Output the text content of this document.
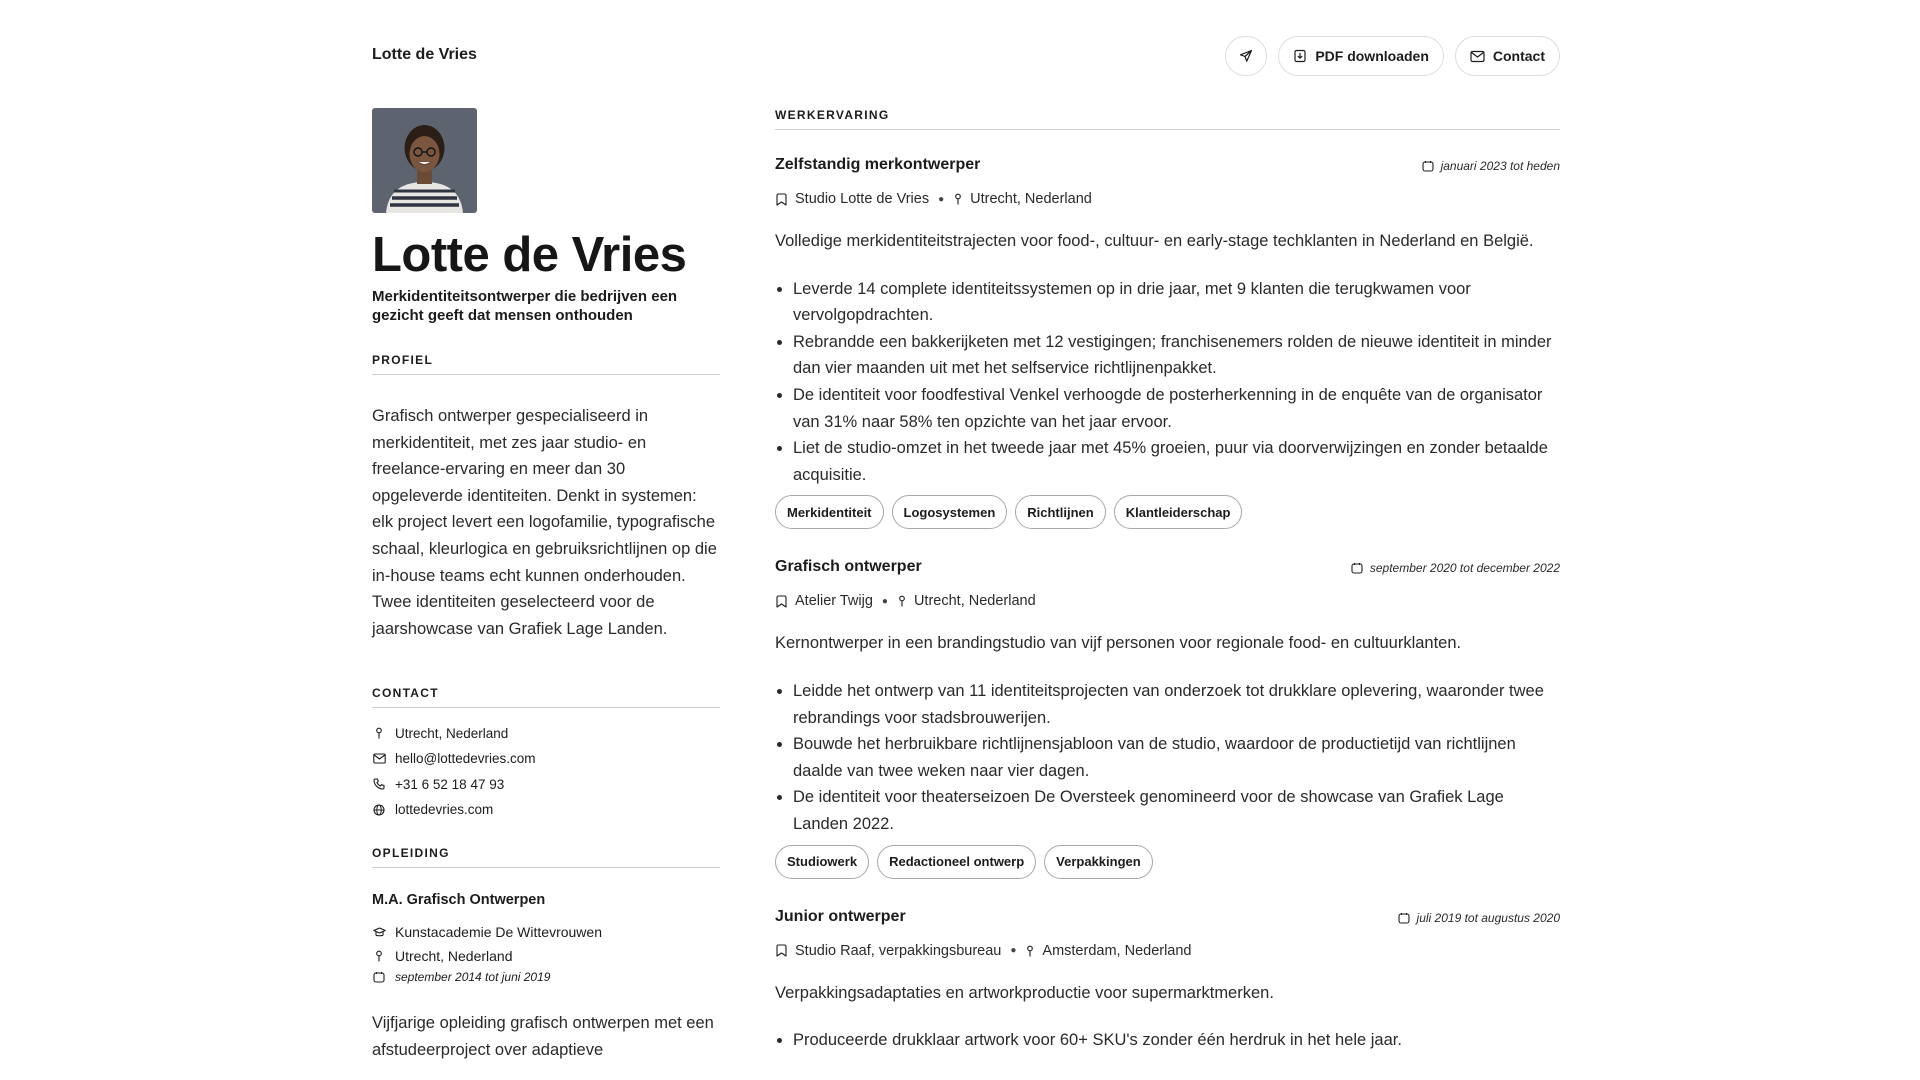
Lotte de Vries	PDF downloaden	Contact
Lotte de Vries
Merkidentiteitsontwerper die bedrijven een gezicht geeft dat mensen onthouden
PROFIEL
Grafisch ontwerper gespecialiseerd in merkidentiteit, met zes jaar studio- en freelance-ervaring en meer dan 30 opgeleverde identiteiten. Denkt in systemen: elk project levert een logofamilie, typografische schaal, kleurlogica en gebruiksrichtlijnen op die in-house teams echt kunnen onderhouden. Twee identiteiten geselecteerd voor de jaarshowcase van Grafiek Lage Landen.
CONTACT
Utrecht, Nederland
hello@lottedevries.com
+31 6 52 18 47 93
lottedevries.com
OPLEIDING
M.A. Grafisch Ontwerpen
Kunstacademie De Wittevrouwen
Utrecht, Nederland
september 2014 tot juni 2019
Vijfjarige opleiding grafisch ontwerpen met een afstudeerproject over adaptieve
WERKERVARING
Zelfstandig merkontwerper	januari 2023 tot heden
Studio Lotte de Vries ● Utrecht, Nederland
Volledige merkidentiteitstrajecten voor food-, cultuur- en early-stage techklanten in Nederland en België.
• Leverde 14 complete identiteitssystemen op in drie jaar, met 9 klanten die terugkwamen voor vervolgopdrachten.
• Rebrandde een bakkerijketen met 12 vestigingen; franchisenemers rolden de nieuwe identiteit in minder dan vier maanden uit met het selfservice richtlijnenpakket.
• De identiteit voor foodfestival Venkel verhoogde de posterherkenning in de enquête van de organisator van 31% naar 58% ten opzichte van het jaar ervoor.
• Liet de studio-omzet in het tweede jaar met 45% groeien, puur via doorverwijzingen en zonder betaalde acquisitie.
Merkidentiteit	Logosystemen	Richtlijnen	Klantleiderschap
Grafisch ontwerper	september 2020 tot december 2022
Atelier Twijg ● Utrecht, Nederland
Kernontwerper in een brandingstudio van vijf personen voor regionale food- en cultuurklanten.
• Leidde het ontwerp van 11 identiteitsprojecten van onderzoek tot drukklare oplevering, waaronder twee rebrandings voor stadsbrouwerijen.
• Bouwde het herbruikbare richtlijnensjabloon van de studio, waardoor de productietijd van richtlijnen daalde van twee weken naar vier dagen.
• De identiteit voor theaterseizoen De Oversteek genomineerd voor de showcase van Grafiek Lage Landen 2022.
Studiowerk	Redactioneel ontwerp	Verpakkingen
Junior ontwerper	juli 2019 tot augustus 2020
Studio Raaf, verpakkingsbureau ● Amsterdam, Nederland
Verpakkingsadaptaties en artworkproductie voor supermarktmerken.
• Produceerde drukklaar artwork voor 60+ SKU's zonder één herdruk in het hele jaar.
